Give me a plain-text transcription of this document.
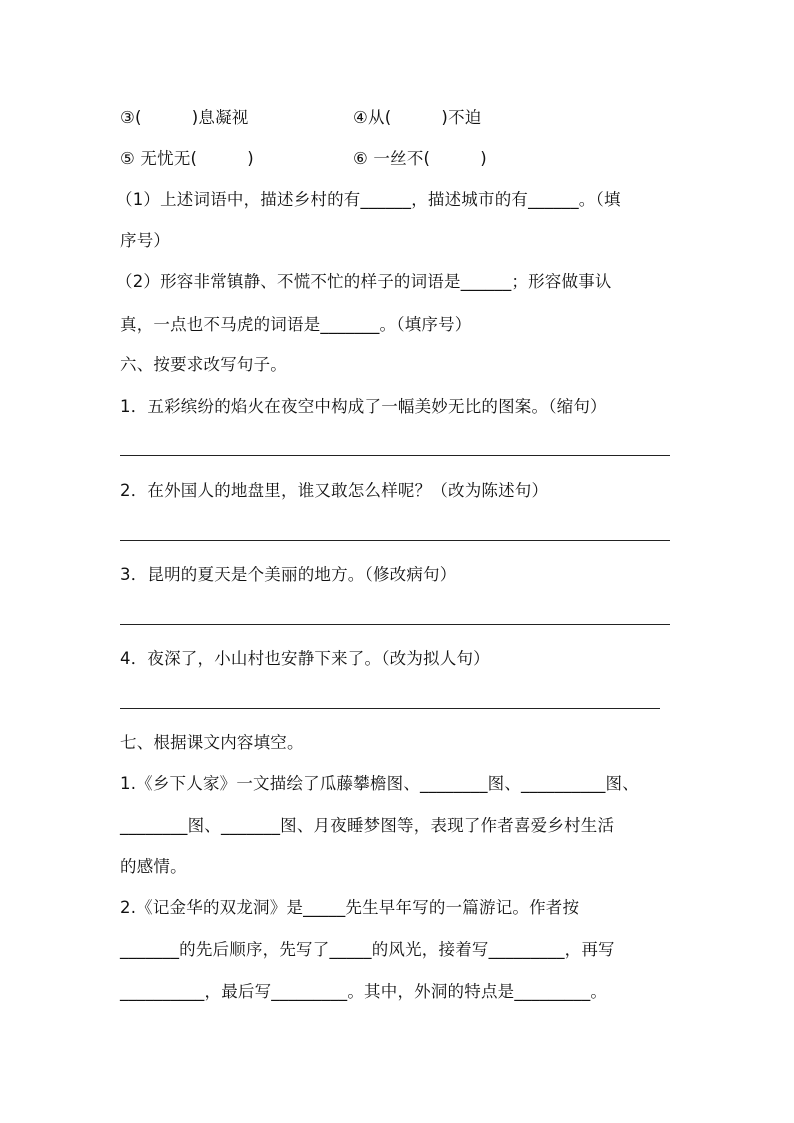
③(　　　)息凝视	④从(　　　)不迫
⑤ 无忧无(　　　)	⑥ 一丝不(　　　)
（1）上述词语中，描述乡村的有______，描述城市的有______。（填
序号）
（2）形容非常镇静、不慌不忙的样子的词语是______；形容做事认
真，一点也不马虎的词语是_______。（填序号）
六、按要求改写句子。
1．五彩缤纷的焰火在夜空中构成了一幅美妙无比的图案。（缩句）
2．在外国人的地盘里，谁又敢怎么样呢？（改为陈述句）
3．昆明的夏天是个美丽的地方。（修改病句）
4．夜深了，小山村也安静下来了。（改为拟人句）
七、根据课文内容填空。
1.《乡下人家》一文描绘了瓜藤攀檐图、________图、__________图、
________图、_______图、月夜睡梦图等，表现了作者喜爱乡村生活
的感情。
2.《记金华的双龙洞》是_____先生早年写的一篇游记。作者按
_______的先后顺序，先写了_____的风光，接着写_________，再写
__________，最后写_________。其中，外洞的特点是_________。
